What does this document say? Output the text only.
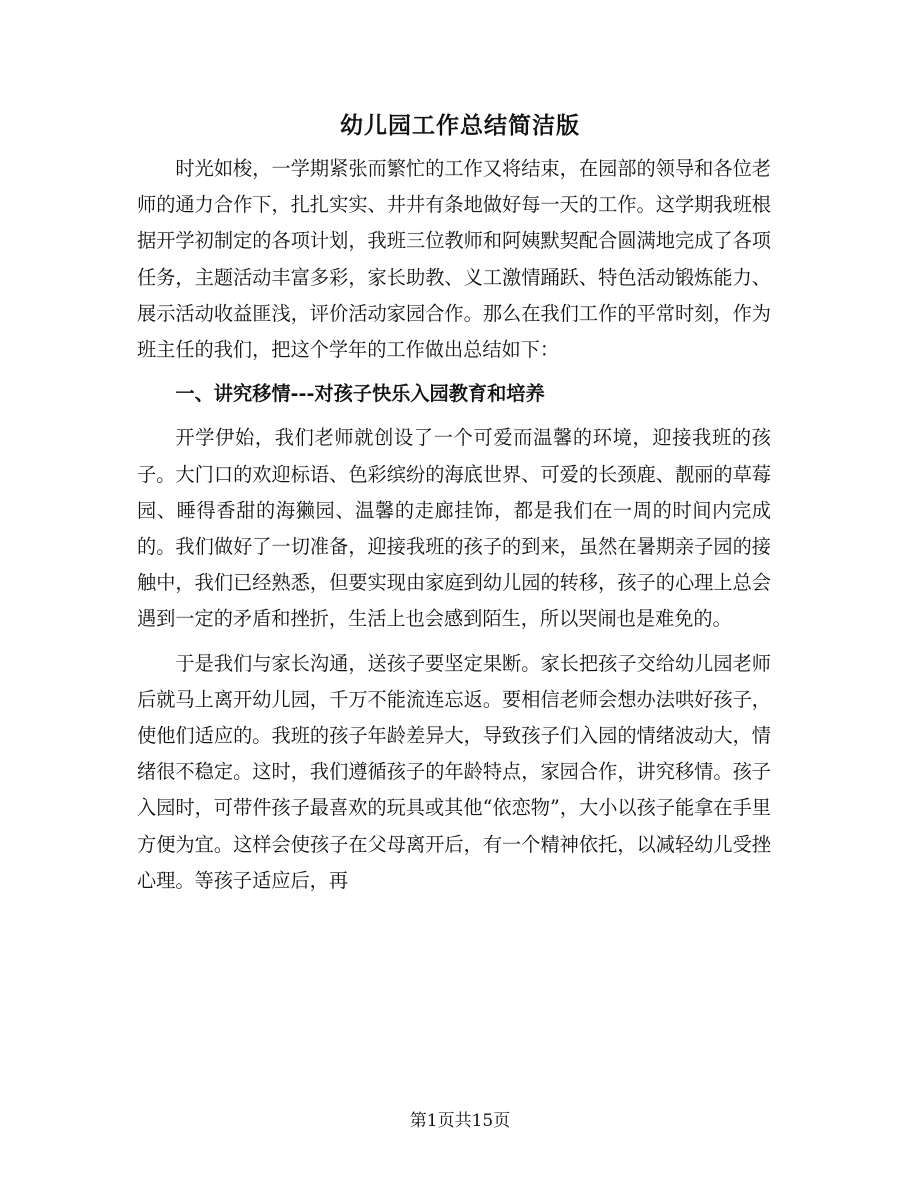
幼儿园工作总结简洁版

时光如梭，一学期紧张而繁忙的工作又将结束，在园部的领导和各位老师的通力合作下，扎扎实实、井井有条地做好每一天的工作。这学期我班根据开学初制定的各项计划，我班三位教师和阿姨默契配合圆满地完成了各项任务，主题活动丰富多彩，家长助教、义工激情踊跃、特色活动锻炼能力、展示活动收益匪浅，评价活动家园合作。那么在我们工作的平常时刻，作为班主任的我们，把这个学年的工作做出总结如下：

一、讲究移情---对孩子快乐入园教育和培养

开学伊始，我们老师就创设了一个可爱而温馨的环境，迎接我班的孩子。大门口的欢迎标语、色彩缤纷的海底世界、可爱的长颈鹿、靓丽的草莓园、睡得香甜的海獭园、温馨的走廊挂饰，都是我们在一周的时间内完成的。我们做好了一切准备，迎接我班的孩子的到来，虽然在暑期亲子园的接触中，我们已经熟悉，但要实现由家庭到幼儿园的转移，孩子的心理上总会遇到一定的矛盾和挫折，生活上也会感到陌生，所以哭闹也是难免的。

于是我们与家长沟通，送孩子要坚定果断。家长把孩子交给幼儿园老师后就马上离开幼儿园，千万不能流连忘返。要相信老师会想办法哄好孩子，使他们适应的。我班的孩子年龄差异大，导致孩子们入园的情绪波动大，情绪很不稳定。这时，我们遵循孩子的年龄特点，家园合作，讲究移情。孩子入园时，可带件孩子最喜欢的玩具或其他“依恋物”，大小以孩子能拿在手里方便为宜。这样会使孩子在父母离开后，有一个精神依托，以减轻幼儿受挫心理。等孩子适应后，再

第1页共15页
